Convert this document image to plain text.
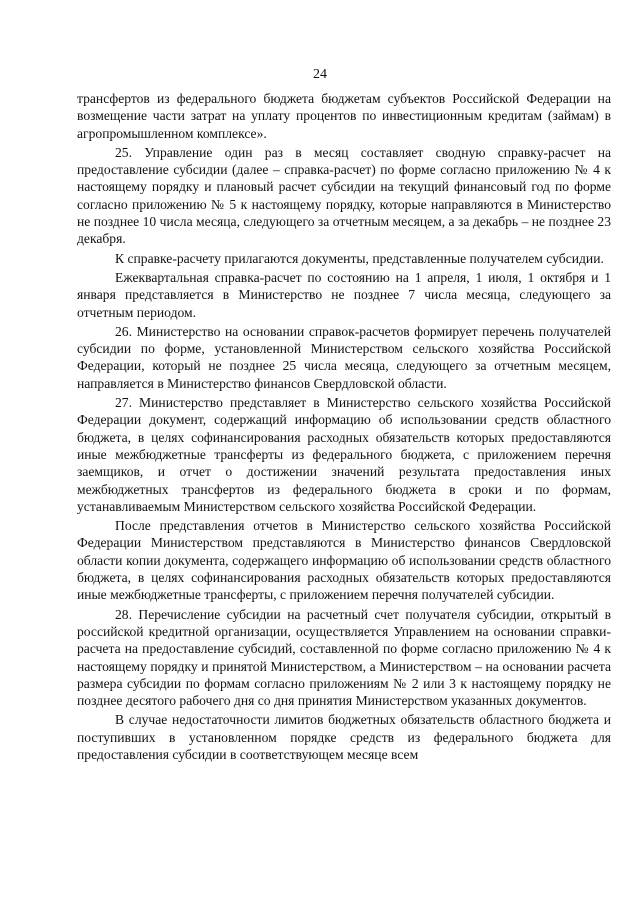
24

трансфертов из федерального бюджета бюджетам субъектов Российской Федерации на возмещение части затрат на уплату процентов по инвестиционным кредитам (займам) в агропромышленном комплексе».

25. Управление один раз в месяц составляет сводную справку-расчет на предоставление субсидии (далее – справка-расчет) по форме согласно приложению № 4 к настоящему порядку и плановый расчет субсидии на текущий финансовый год по форме согласно приложению № 5 к настоящему порядку, которые направляются в Министерство не позднее 10 числа месяца, следующего за отчетным месяцем, а за декабрь – не позднее 23 декабря.

К справке-расчету прилагаются документы, представленные получателем субсидии.

Ежеквартальная справка-расчет по состоянию на 1 апреля, 1 июля, 1 октября и 1 января представляется в Министерство не позднее 7 числа месяца, следующего за отчетным периодом.

26. Министерство на основании справок-расчетов формирует перечень получателей субсидии по форме, установленной Министерством сельского хозяйства Российской Федерации, который не позднее 25 числа месяца, следующего за отчетным месяцем, направляется в Министерство финансов Свердловской области.

27. Министерство представляет в Министерство сельского хозяйства Российской Федерации документ, содержащий информацию об использовании средств областного бюджета, в целях софинансирования расходных обязательств которых предоставляются иные межбюджетные трансферты из федерального бюджета, с приложением перечня заемщиков, и отчет о достижении значений результата предоставления иных межбюджетных трансфертов из федерального бюджета в сроки и по формам, устанавливаемым Министерством сельского хозяйства Российской Федерации.

После представления отчетов в Министерство сельского хозяйства Российской Федерации Министерством представляются в Министерство финансов Свердловской области копии документа, содержащего информацию об использовании средств областного бюджета, в целях софинансирования расходных обязательств которых предоставляются иные межбюджетные трансферты, с приложением перечня получателей субсидии.

28. Перечисление субсидии на расчетный счет получателя субсидии, открытый в российской кредитной организации, осуществляется Управлением на основании справки-расчета на предоставление субсидий, составленной по форме согласно приложению № 4 к настоящему порядку и принятой Министерством, а Министерством – на основании расчета размера субсидии по формам согласно приложениям № 2 или 3 к настоящему порядку не позднее десятого рабочего дня со дня принятия Министерством указанных документов.

В случае недостаточности лимитов бюджетных обязательств областного бюджета и поступивших в установленном порядке средств из федерального бюджета для предоставления субсидии в соответствующем месяце всем
